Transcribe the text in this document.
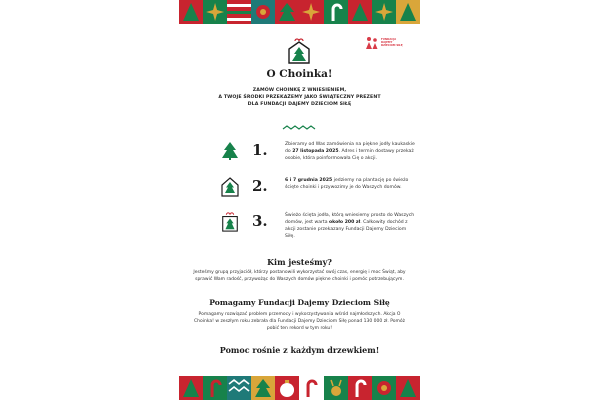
FUNDACJA DAJEMY DZIECIOM SIŁĘ
O Choinka!
ZAMÓW CHOINKĘ Z WNIESIENIEM,
A TWOJE ŚRODKI PRZEKAŻEMY JAKO ŚWIĄTECZNY PREZENT
DLA FUNDACJI DAJEMY DZIECIOM SIŁĘ
1.	Zbieramy od Was zamówienia na piękne jodły kaukaskie do 27 listopada 2025. Adres i termin dostawy przekaż osobie, która poinformowała Cię o akcji.
2.	6 i 7 grudnia 2025 jedziemy na plantację po świeżo ścięte choinki i przywozimy je do Waszych domów.
3.	Świeżo ścięta jodła, którą wniesiemy prosto do Waszych domów, jest warta około 200 zł. Całkowity dochód z akcji zostanie przekazany Fundacji Dajemy Dzieciom Siłę.
Kim jesteśmy?
Jesteśmy grupą przyjaciół, którzy postanowili wykorzystać swój czas, energię i moc Świąt, aby sprawić Wam radość, przywożąc do Waszych domów piękne choinki i pomóc potrzebującym.
Pomagamy Fundacji Dajemy Dzieciom Siłę
Pomagamy rozwiązać problem przemocy i wykorzystywania wśród najmłodszych. Akcja O Choinka! w zeszłym roku zebrała dla Fundacji Dajemy Dzieciom Siłę ponad 130 000 zł. Pomóż pobić ten rekord w tym roku!
Pomoc rośnie z każdym drzewkiem!
